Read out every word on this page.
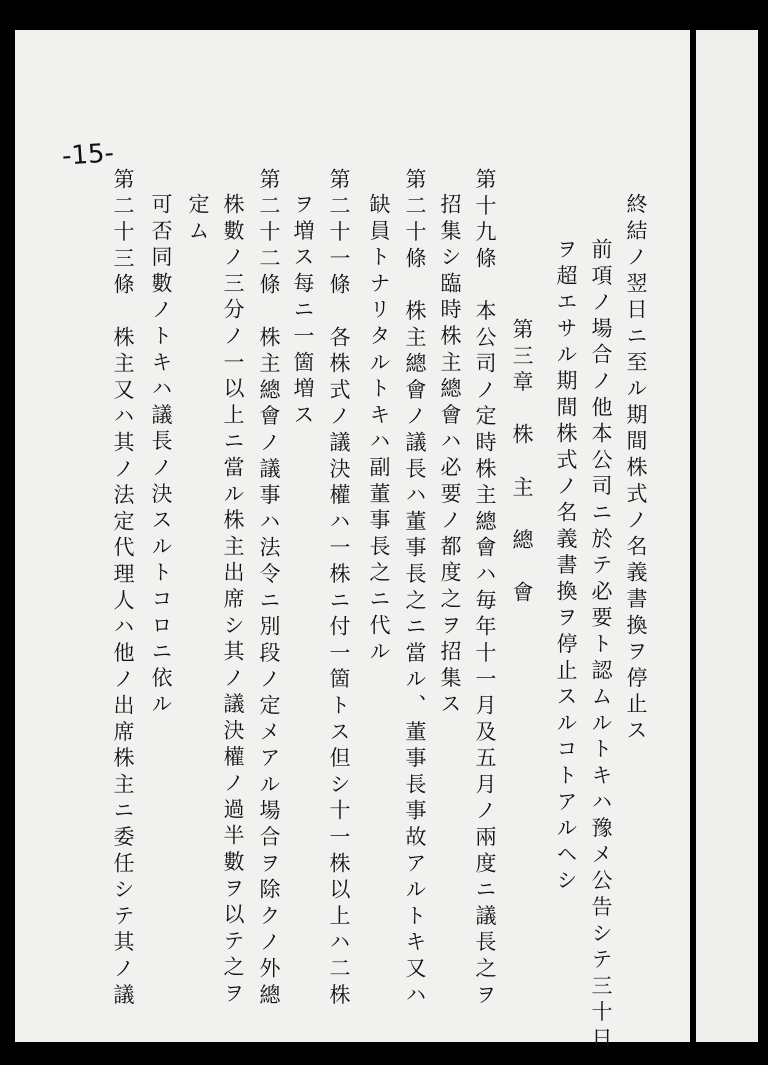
-15-
終結ノ翌日ニ至ル期間株式ノ名義書換ヲ停止ス
前項ノ場合ノ他本公司ニ於テ必要ト認ムルトキハ豫メ公告シテ三十日
ヲ超エサル期間株式ノ名義書換ヲ停止スルコトアルヘシ
第三章　株　主　總　會
第十九條　本公司ノ定時株主總會ハ毎年十一月及五月ノ兩度ニ議長之ヲ
招集シ臨時株主總會ハ必要ノ都度之ヲ招集ス
第二十條　株主總會ノ議長ハ董事長之ニ當ル、董事長事故アルトキ又ハ
缺員トナリタルトキハ副董事長之ニ代ル
第二十一條　各株式ノ議決權ハ一株ニ付一箇トス但シ十一株以上ハ二株
ヲ増ス每ニ一箇増ス
第二十二條　株主總會ノ議事ハ法令ニ別段ノ定メアル場合ヲ除クノ外總
株數ノ三分ノ一以上ニ當ル株主出席シ其ノ議決權ノ過半數ヲ以テ之ヲ
定ム
可否同數ノトキハ議長ノ決スルトコロニ依ル
第二十三條　株主又ハ其ノ法定代理人ハ他ノ出席株主ニ委任シテ其ノ議
